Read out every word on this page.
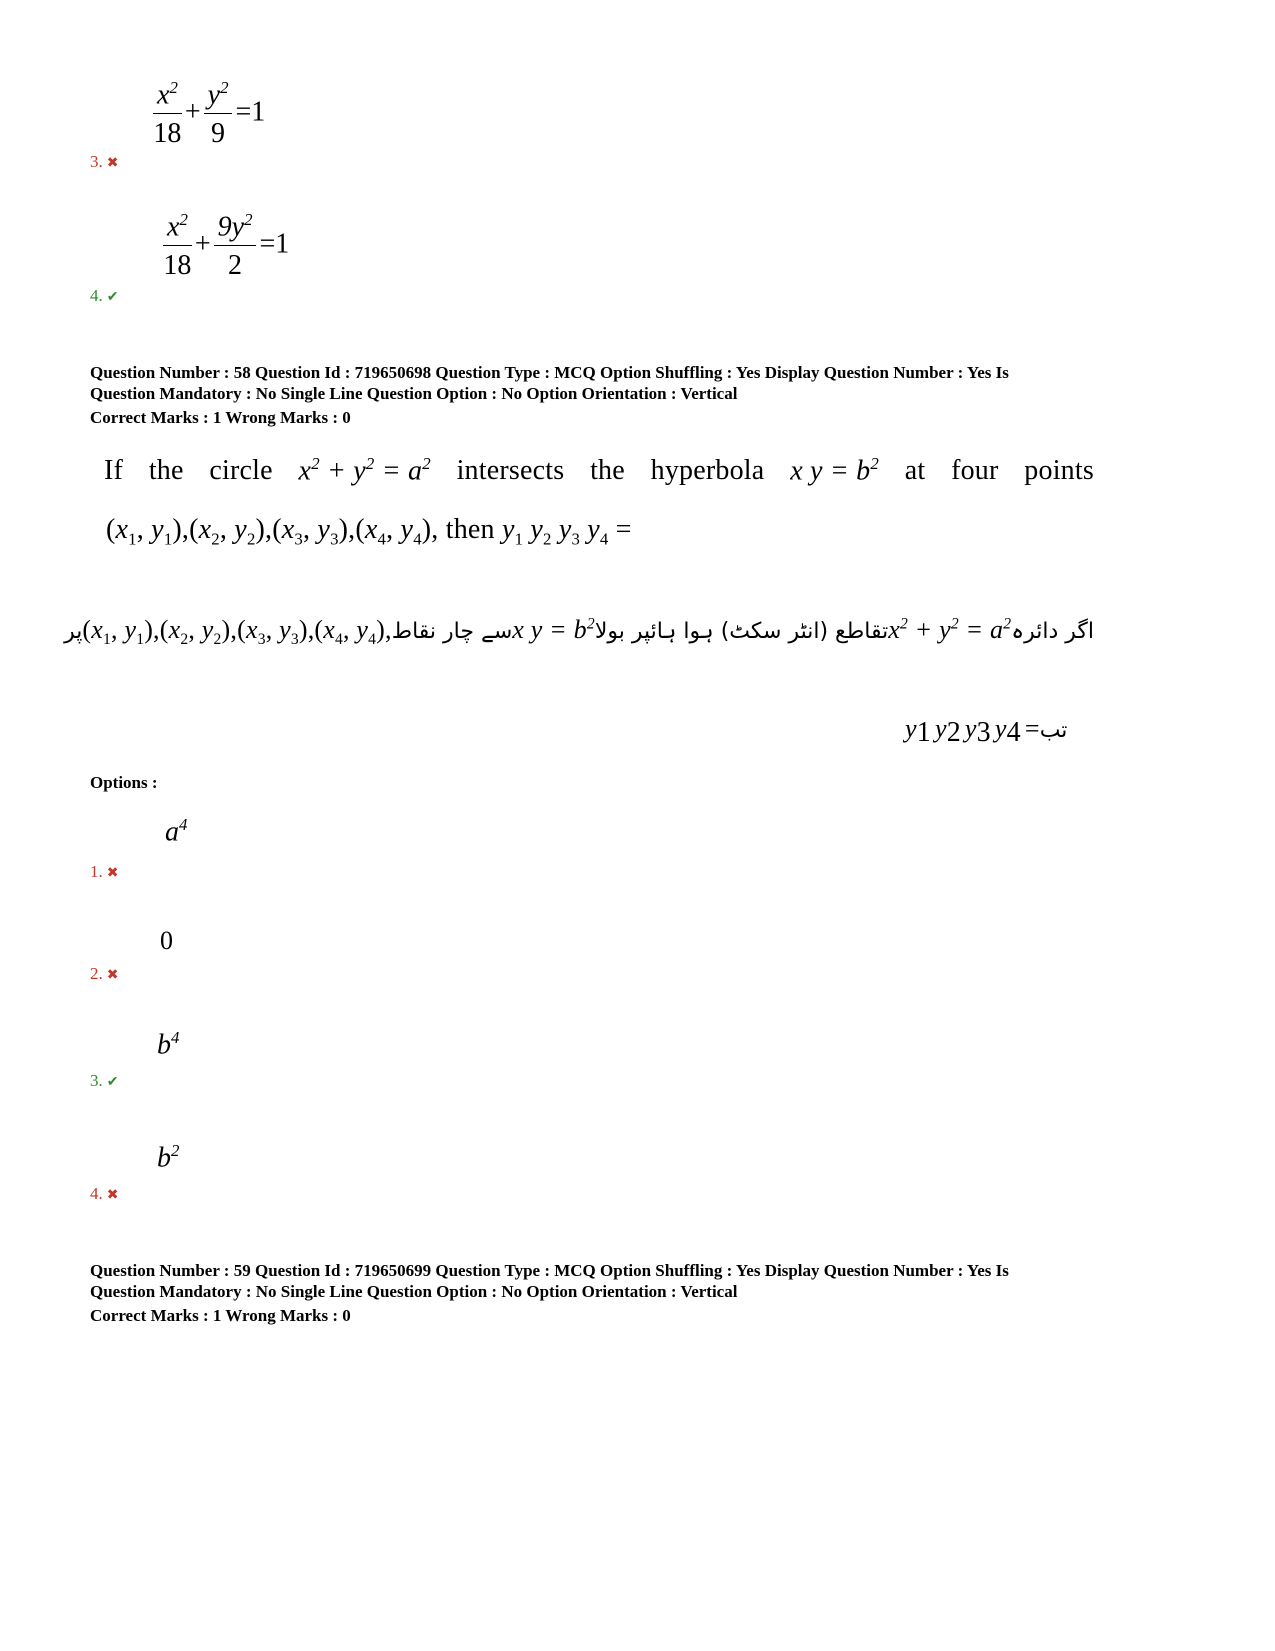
$\frac{x^2}{18} + \frac{y^2}{9} =1$
3. ✖
$\frac{x^2}{18} + \frac{9y^2}{2} =1$
4. ✔
Question Number : 58 Question Id : 719650698 Question Type : MCQ Option Shuffling : Yes Display Question Number : Yes Is
Question Mandatory : No Single Line Question Option : No Option Orientation : Vertical
Correct Marks : 1 Wrong Marks : 0
If the circle $x^2 + y^2 = a^2$ intersects the hyperbola x $y = b^2$ at four points
($x_1$, $y_1),(x_2$, $y_2),(x_3$, $y_3),(x_4$, $y_4$), then $y_1$ $y_2$ $y_3$ $y_4$ =
اگر دائرہ
$x^2 + y^2 = a^2$
تقاطع (انٹر سکٹ) ہوا ہائپر بولا
x $y = b^2$
سے چار نقاط
($x_1$, $y_1),(x_2$, $y_2),(x_3$, $y_3),(x_4$, $y_4$),
پر
$y_1$ $y_2$ $y_3$ $y_4$ =تب
Options :
$a^4$
1. ✖
0
2. ✖
$b^4$
3. ✔
$b^2$
4. ✖
Question Number : 59 Question Id : 719650699 Question Type : MCQ Option Shuffling : Yes Display Question Number : Yes Is
Question Mandatory : No Single Line Question Option : No Option Orientation : Vertical
Correct Marks : 1 Wrong Marks : 0
